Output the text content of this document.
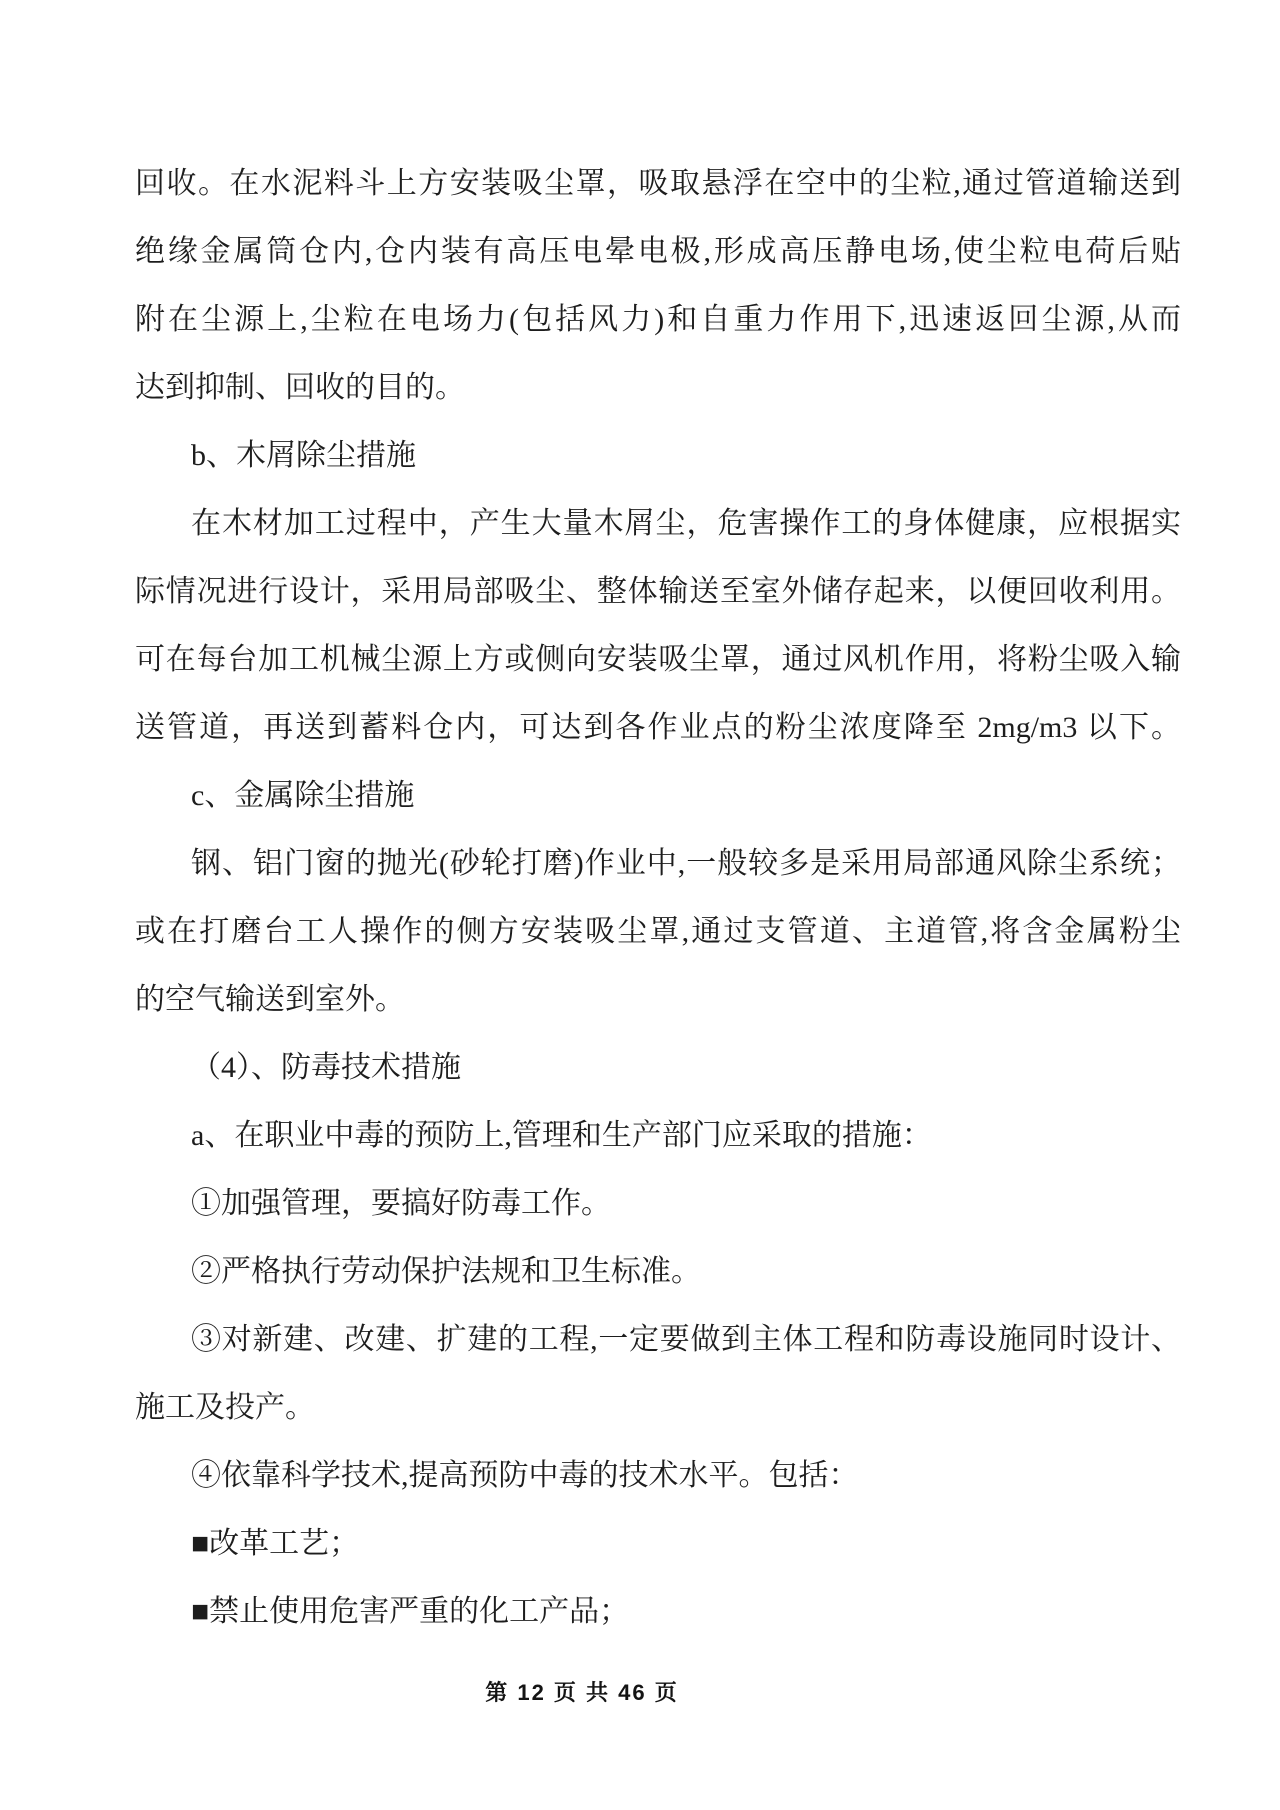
回收。在水泥料斗上方安装吸尘罩，吸取悬浮在空中的尘粒,通过管道输送到
绝缘金属筒仓内,仓内装有高压电晕电极,形成高压静电场,使尘粒电荷后贴
附在尘源上,尘粒在电场力(包括风力)和自重力作用下,迅速返回尘源,从而
达到抑制、回收的目的。
b、木屑除尘措施
在木材加工过程中，产生大量木屑尘，危害操作工的身体健康，应根据实
际情况进行设计，采用局部吸尘、整体输送至室外储存起来，以便回收利用。
可在每台加工机械尘源上方或侧向安装吸尘罩，通过风机作用，将粉尘吸入输
送管道，再送到蓄料仓内，可达到各作业点的粉尘浓度降至 2mg/m3 以下。
c、金属除尘措施
钢、铝门窗的抛光(砂轮打磨)作业中,一般较多是采用局部通风除尘系统；
或在打磨台工人操作的侧方安装吸尘罩,通过支管道、主道管,将含金属粉尘
的空气输送到室外。
（4）、防毒技术措施
a、在职业中毒的预防上,管理和生产部门应采取的措施：
①加强管理，要搞好防毒工作。
②严格执行劳动保护法规和卫生标准。
③对新建、改建、扩建的工程,一定要做到主体工程和防毒设施同时设计、
施工及投产。
④依靠科学技术,提高预防中毒的技术水平。包括：
■改革工艺；
■禁止使用危害严重的化工产品；
第 12 页 共 46 页
